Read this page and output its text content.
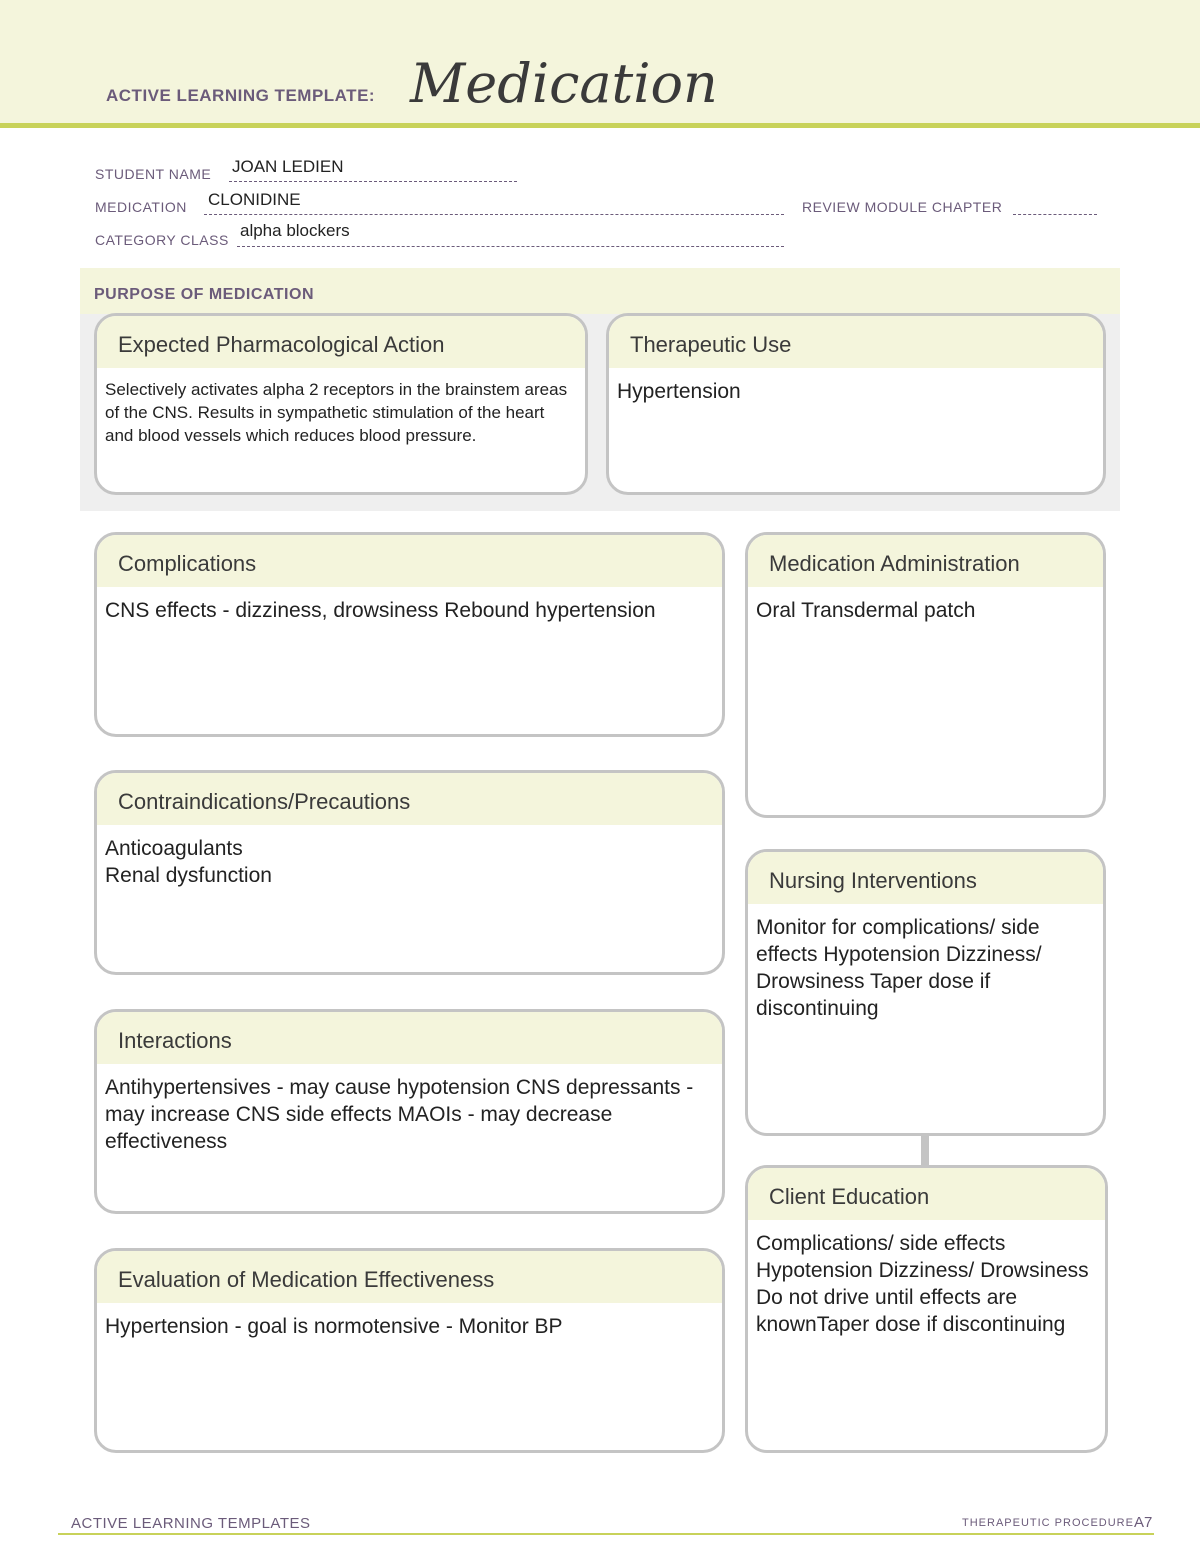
ACTIVE LEARNING TEMPLATE: Medication
STUDENT NAME JOAN LEDIEN
MEDICATION CLONIDINE	REVIEW MODULE CHAPTER
CATEGORY CLASS alpha blockers
PURPOSE OF MEDICATION
Expected Pharmacological Action
Selectively activates alpha 2 receptors in the brainstem areas of the CNS. Results in sympathetic stimulation of the heart and blood vessels which reduces blood pressure.
Therapeutic Use
Hypertension
Complications
CNS effects - dizziness, drowsiness Rebound hypertension
Contraindications/Precautions
Anticoagulants
Renal dysfunction
Interactions
Antihypertensives - may cause hypotension CNS depressants - may increase CNS side effects MAOIs - may decrease effectiveness
Evaluation of Medication Effectiveness
Hypertension - goal is normotensive - Monitor BP
Medication Administration
Oral Transdermal patch
Nursing Interventions
Monitor for complications/ side effects Hypotension Dizziness/ Drowsiness Taper dose if discontinuing
Client Education
Complications/ side effects Hypotension Dizziness/ Drowsiness Do not drive until effects are knownTaper dose if discontinuing
ACTIVE LEARNING TEMPLATES	THERAPEUTIC PROCEDURE A7
